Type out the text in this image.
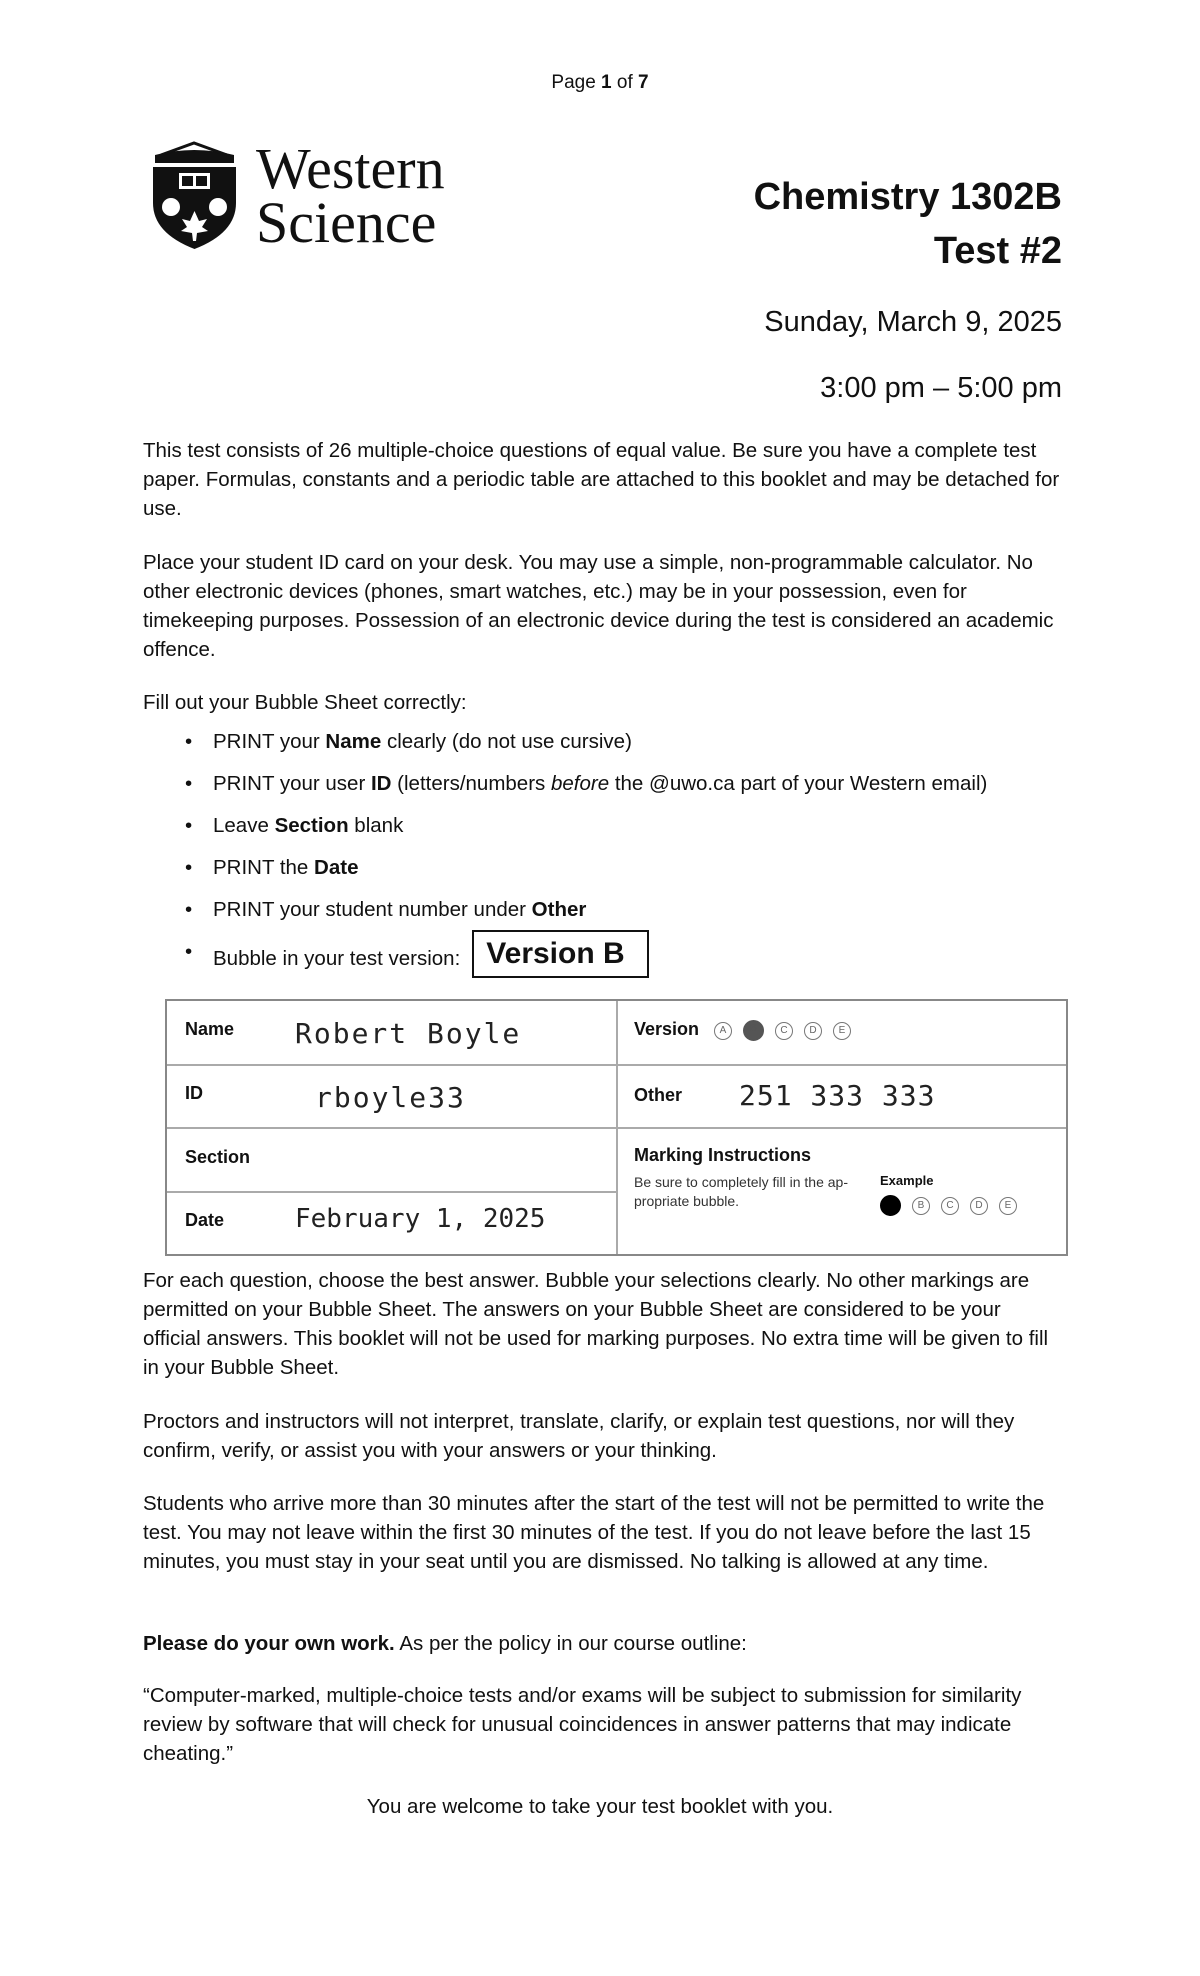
Page 1 of 7
Western
Science	Chemistry 1302B
Test #2
Sunday, March 9, 2025
3:00 pm – 5:00 pm

This test consists of 26 multiple-choice questions of equal value. Be sure you have a complete test paper. Formulas, constants and a periodic table are attached to this booklet and may be detached for use.

Place your student ID card on your desk. You may use a simple, non-programmable calculator. No other electronic devices (phones, smart watches, etc.) may be in your possession, even for timekeeping purposes. Possession of an electronic device during the test is considered an academic offence.

Fill out your Bubble Sheet correctly:

• PRINT your Name clearly (do not use cursive)
• PRINT your user ID (letters/numbers before the @uwo.ca part of your Western email)
• Leave Section blank
• PRINT the Date
• PRINT your student number under Other
• Bubble in your test version: Version B
Name Robert Boyle
ID	rboyle33
Section
Date	February 1, 2025
Version	A B C D E
Other 251 333 333
Marking Instructions
Be sure to completely fill in the ap-propriate bubble.
Example
A B C D E

For each question, choose the best answer. Bubble your selections clearly. No other markings are permitted on your Bubble Sheet. The answers on your Bubble Sheet are considered to be your official answers. This booklet will not be used for marking purposes. No extra time will be given to fill in your Bubble Sheet.

Proctors and instructors will not interpret, translate, clarify, or explain test questions, nor will they confirm, verify, or assist you with your answers or your thinking.

Students who arrive more than 30 minutes after the start of the test will not be permitted to write the test. You may not leave within the first 30 minutes of the test. If you do not leave before the last 15 minutes, you must stay in your seat until you are dismissed. No talking is allowed at any time.

Please do your own work. As per the policy in our course outline:

“Computer-marked, multiple-choice tests and/or exams will be subject to submission for similarity review by software that will check for unusual coincidences in answer patterns that may indicate cheating.”

You are welcome to take your test booklet with you.
